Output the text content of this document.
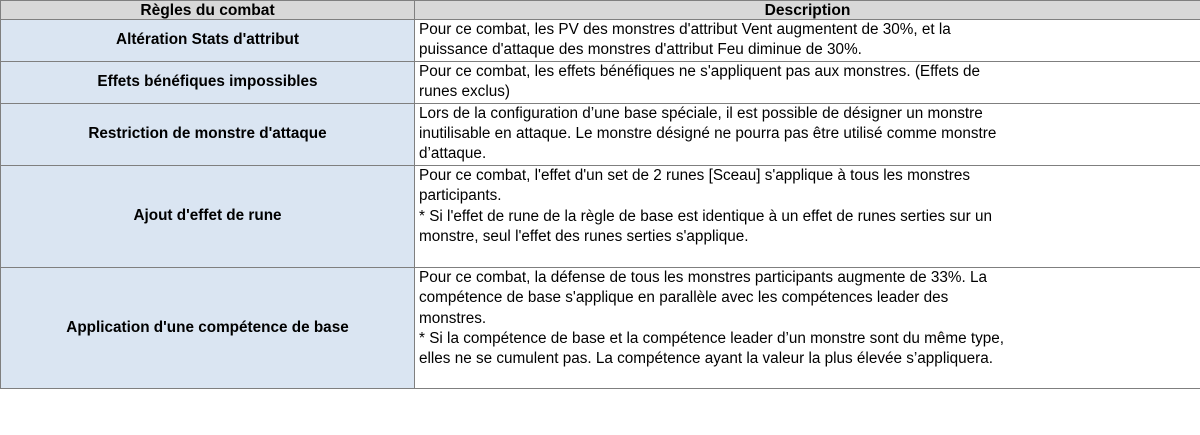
Règles du combat	Description
Altération Stats d'attribut	Pour ce combat, les PV des monstres d'attribut Vent augmentent de 30%, et la
puissance d'attaque des monstres d'attribut Feu diminue de 30%.
Effets bénéfiques impossibles	Pour ce combat, les effets bénéfiques ne s'appliquent pas aux monstres. (Effets de
runes exclus)
Restriction de monstre d'attaque	Lors de la configuration d’une base spéciale, il est possible de désigner un monstre
inutilisable en attaque. Le monstre désigné ne pourra pas être utilisé comme monstre
d’attaque.
Ajout d'effet de rune	Pour ce combat, l'effet d'un set de 2 runes [Sceau] s'applique à tous les monstres
participants.
* Si l'effet de rune de la règle de base est identique à un effet de runes serties sur un
monstre, seul l'effet des runes serties s'applique.
Application d'une compétence de base	Pour ce combat, la défense de tous les monstres participants augmente de 33%. La
compétence de base s'applique en parallèle avec les compétences leader des
monstres.
* Si la compétence de base et la compétence leader d’un monstre sont du même type,
elles ne se cumulent pas. La compétence ayant la valeur la plus élevée s’appliquera.
